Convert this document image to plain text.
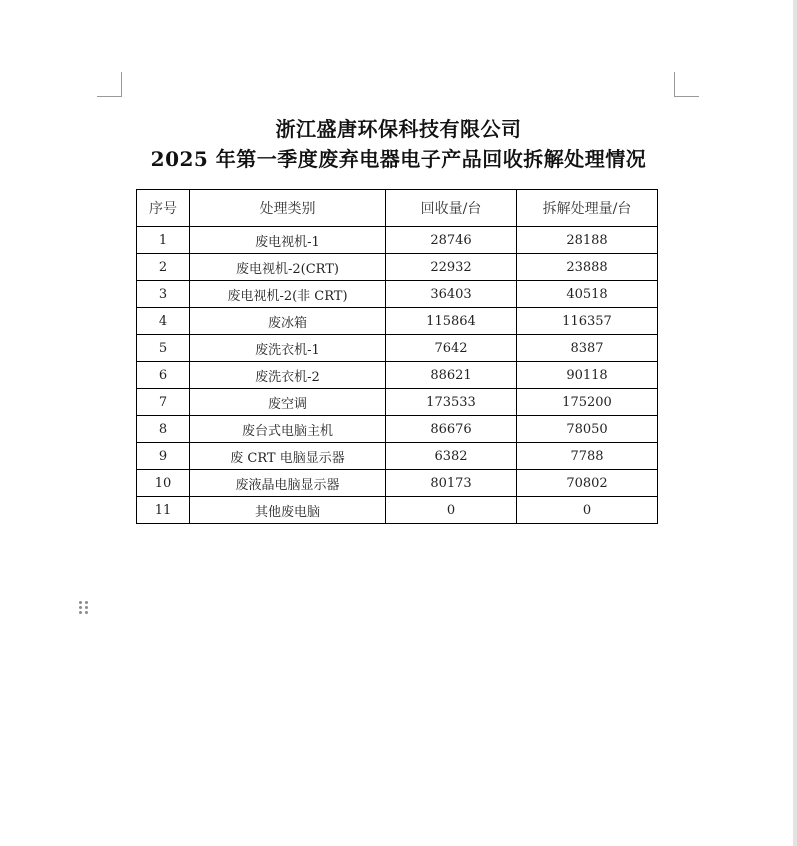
浙江盛唐环保科技有限公司
2025 年第一季度废弃电器电子产品回收拆解处理情况
序号	处理类别	回收量/台	拆解处理量/台
1	废电视机-1	28746	28188
2	废电视机-2(CRT)	22932	23888
3	废电视机-2(非 CRT)	36403	40518
4	废冰箱	115864	116357
5	废洗衣机-1	7642	8387
6	废洗衣机-2	88621	90118
7	废空调	173533	175200
8	废台式电脑主机	86676	78050
9	废 CRT 电脑显示器	6382	7788
10	废液晶电脑显示器	80173	70802
11	其他废电脑	0	0
